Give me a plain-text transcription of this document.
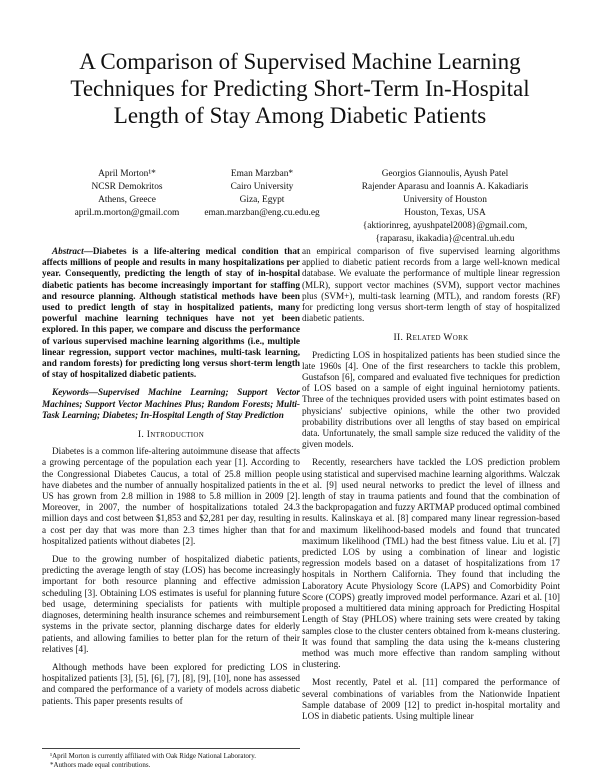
A Comparison of Supervised Machine Learning Techniques for Predicting Short-Term In-Hospital Length of Stay Among Diabetic Patients
April Morton¹*
NCSR Demokritos
Athens, Greece
april.m.morton@gmail.com
Eman Marzban*
Cairo University
Giza, Egypt
eman.marzban@eng.cu.edu.eg
Georgios Giannoulis, Ayush Patel
Rajender Aparasu and Ioannis A. Kakadiaris
University of Houston
Houston, Texas, USA
{aktiorinreg, ayushpatel2008}@gmail.com,
{raparasu, ikakadia}@central.uh.edu

Abstract—Diabetes is a life-altering medical condition that affects millions of people and results in many hospitalizations per year. Consequently, predicting the length of stay of in-hospital diabetic patients has become increasingly important for staffing and resource planning. Although statistical methods have been used to predict length of stay in hospitalized patients, many powerful machine learning techniques have not yet been explored. In this paper, we compare and discuss the performance of various supervised machine learning algorithms (i.e., multiple linear regression, support vector machines, multi-task learning, and random forests) for predicting long versus short-term length of stay of hospitalized diabetic patients.

Keywords—Supervised Machine Learning; Support Vector Machines; Support Vector Machines Plus; Random Forests; Multi-Task Learning; Diabetes; In-Hospital Length of Stay Prediction

I. Introduction

Diabetes is a common life-altering autoimmune disease that affects a growing percentage of the population each year [1]. According to the Congressional Diabetes Caucus, a total of 25.8 million people have diabetes and the number of annually hospitalized patients in the US has grown from 2.8 million in 1988 to 5.8 million in 2009 [2]. Moreover, in 2007, the number of hospitalizations totaled 24.3 million days and cost between $1,853 and $2,281 per day, resulting in a cost per day that was more than 2.3 times higher than that for hospitalized patients without diabetes [2].

Due to the growing number of hospitalized diabetic patients, predicting the average length of stay (LOS) has become increasingly important for both resource planning and effective admission scheduling [3]. Obtaining LOS estimates is useful for planning future bed usage, determining specialists for patients with multiple diagnoses, determining health insurance schemes and reimbursement systems in the private sector, planning discharge dates for elderly patients, and allowing families to better plan for the return of their relatives [4].

Although methods have been explored for predicting LOS in hospitalized patients [3], [5], [6], [7], [8], [9], [10], none has assessed and compared the performance of a variety of models across diabetic patients. This paper presents results of

an empirical comparison of five supervised learning algorithms applied to diabetic patient records from a large well-known medical database. We evaluate the performance of multiple linear regression (MLR), support vector machines (SVM), support vector machines plus (SVM+), multi-task learning (MTL), and random forests (RF) for predicting long versus short-term length of stay of hospitalized diabetic patients.

II. Related Work

Predicting LOS in hospitalized patients has been studied since the late 1960s [4]. One of the first researchers to tackle this problem, Gustafson [6], compared and evaluated five techniques for prediction of LOS based on a sample of eight inguinal herniotomy patients. Three of the techniques provided users with point estimates based on physicians' subjective opinions, while the other two provided probability distributions over all lengths of stay based on empirical data. Unfortunately, the small sample size reduced the validity of the given models.

Recently, researchers have tackled the LOS prediction problem using statistical and supervised machine learning algorithms. Walczak et al. [9] used neural networks to predict the level of illness and length of stay in trauma patients and found that the combination of the backpropagation and fuzzy ARTMAP produced optimal combined results. Kalinskaya et al. [8] compared many linear regression-based and maximum likelihood-based models and found that truncated maximum likelihood (TML) had the best fitness value. Liu et al. [7] predicted LOS by using a combination of linear and logistic regression models based on a dataset of hospitalizations from 17 hospitals in Northern California. They found that including the Laboratory Acute Physiology Score (LAPS) and Comorbidity Point Score (COPS) greatly improved model performance. Azari et al. [10] proposed a multitiered data mining approach for Predicting Hospital Length of Stay (PHLOS) where training sets were created by taking samples close to the cluster centers obtained from k-means clustering. It was found that sampling the data using the k-means clustering method was much more effective than random sampling without clustering.

Most recently, Patel et al. [11] compared the performance of several combinations of variables from the Nationwide Inpatient Sample database of 2009 [12] to predict in-hospital mortality and LOS in diabetic patients. Using multiple linear

¹April Morton is currently affiliated with Oak Ridge National Laboratory.
*Authors made equal contributions.
